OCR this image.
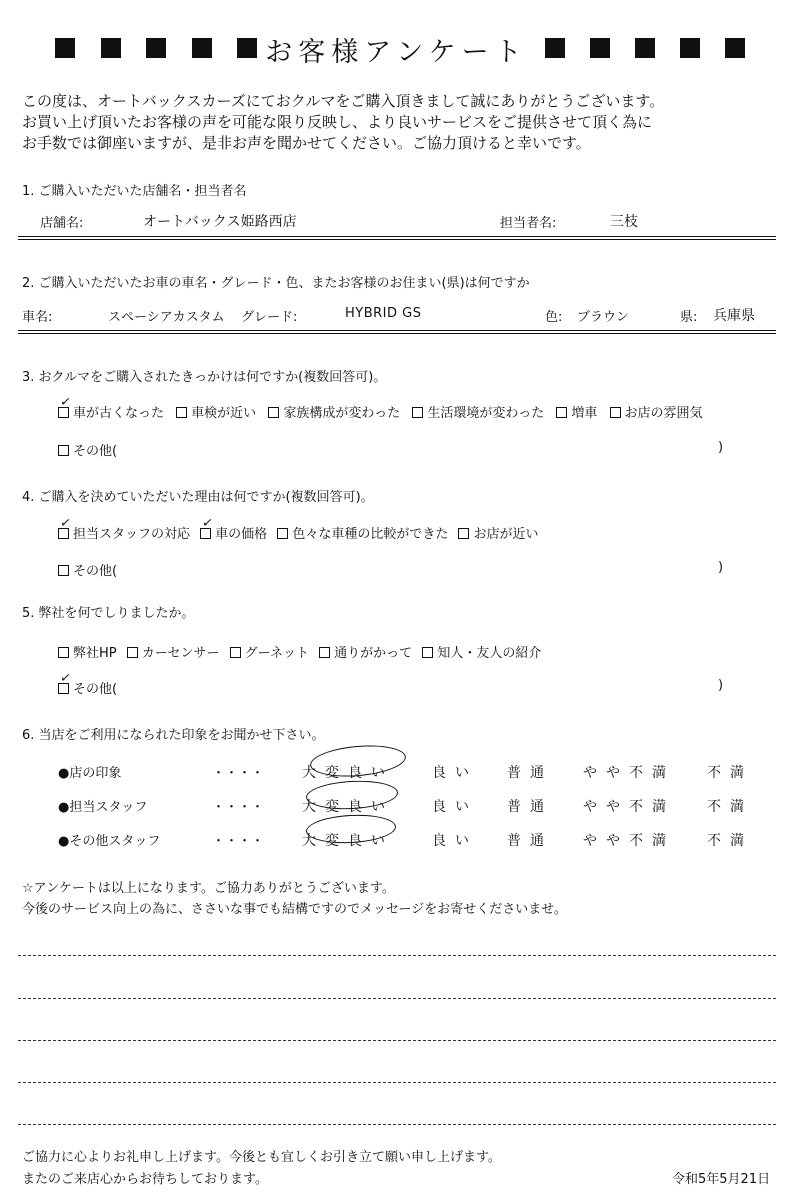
お客様アンケート
この度は、オートバックスカーズにておクルマをご購入頂きまして誠にありがとうございます。
お買い上げ頂いたお客様の声を可能な限り反映し、より良いサービスをご提供させて頂く為に
お手数では御座いますが、是非お声を聞かせてください。ご協力頂けると幸いです。
1. ご購入いただいた店舗名・担当者名
店舗名:	オートバックス姫路西店	担当者名:	三枝
2. ご購入いただいたお車の車名・グレード・色、またお客様のお住まい(県)は何ですか
車名:	スペーシアカスタム グレード:	HYBRID GS	色: ブラウン	県: 兵庫県
3. おクルマをご購入されたきっかけは何ですか(複数回答可)。
✓
車が古くなった 車検が近い 家族構成が変わった 生活環境が変わった 増車 お店の雰囲気
その他(	)
4. ご購入を決めていただいた理由は何ですか(複数回答可)。
✓
担当スタッフの対応
✓
車の価格 色々な車種の比較ができた お店が近い
その他(	)
5. 弊社を何でしりましたか。
弊社HP カーセンサー グーネット 通りがかって 知人・友人の紹介
✓
その他(	)
6. 当店をご利用になられた印象をお聞かせ下さい。
●店の印象	・・・・	大変良い	良い 普通 やや不満 不満
●担当スタッフ	・・・・	大変良い	良い 普通 やや不満 不満
●その他スタッフ	・・・・	大変良い	良い 普通 やや不満 不満
☆アンケートは以上になります。ご協力ありがとうございます。
今後のサービス向上の為に、ささいな事でも結構ですのでメッセージをお寄せくださいませ。
ご協力に心よりお礼申し上げます。今後とも宜しくお引き立て願い申し上げます。
またのご来店心からお待ちしております。	令和5年5月21日
